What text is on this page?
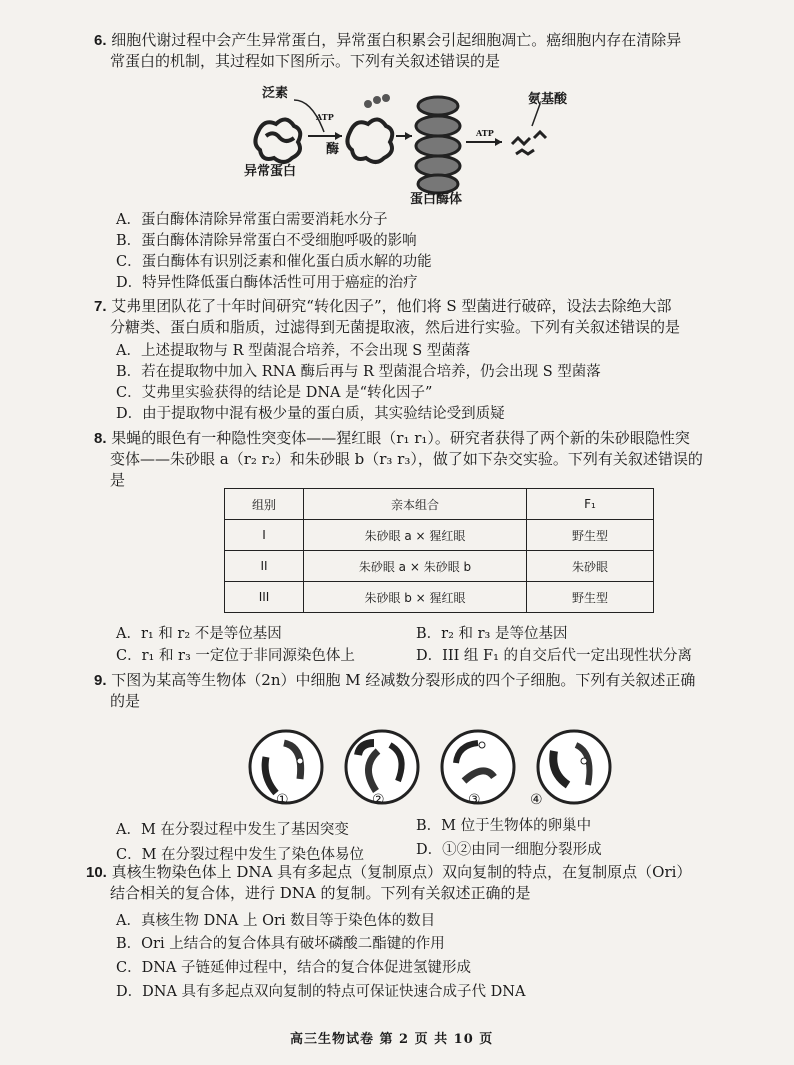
6. 细胞代谢过程中会产生异常蛋白，异常蛋白积累会引起细胞凋亡。癌细胞内存在清除异
常蛋白的机制，其过程如下图所示。下列有关叙述错误的是
泛素
ATP
酶
异常蛋白
蛋白酶体
ATP
氨基酸
A．蛋白酶体清除异常蛋白需要消耗水分子
B．蛋白酶体清除异常蛋白不受细胞呼吸的影响
C．蛋白酶体有识别泛素和催化蛋白质水解的功能
D．特异性降低蛋白酶体活性可用于癌症的治疗
7. 艾弗里团队花了十年时间研究“转化因子”，他们将 S 型菌进行破碎，设法去除绝大部
分糖类、蛋白质和脂质，过滤得到无菌提取液，然后进行实验。下列有关叙述错误的是
A．上述提取物与 R 型菌混合培养，不会出现 S 型菌落
B．若在提取物中加入 RNA 酶后再与 R 型菌混合培养，仍会出现 S 型菌落
C．艾弗里实验获得的结论是 DNA 是“转化因子”
D．由于提取物中混有极少量的蛋白质，其实验结论受到质疑
8. 果蝇的眼色有一种隐性突变体——猩红眼（r₁ r₁）。研究者获得了两个新的朱砂眼隐性突
变体——朱砂眼 a（r₂ r₂）和朱砂眼 b（r₃ r₃），做了如下杂交实验。下列有关叙述错误的
是
组别	亲本组合	F₁
I	朱砂眼 a × 猩红眼	野生型
II	朱砂眼 a × 朱砂眼 b	朱砂眼
III	朱砂眼 b × 猩红眼	野生型
A．r₁ 和 r₂ 不是等位基因	B．r₂ 和 r₃ 是等位基因
C．r₁ 和 r₃ 一定位于非同源染色体上	D．III 组 F₁ 的自交后代一定出现性状分离
9. 下图为某高等生物体（2n）中细胞 M 经减数分裂形成的四个子细胞。下列有关叙述正确
的是
①	②	③	④
A．M 在分裂过程中发生了基因突变	B．M 位于生物体的卵巢中
C．M 在分裂过程中发生了染色体易位	D．①②由同一细胞分裂形成
10. 真核生物染色体上 DNA 具有多起点（复制原点）双向复制的特点，在复制原点（Ori）
结合相关的复合体，进行 DNA 的复制。下列有关叙述正确的是
A．真核生物 DNA 上 Ori 数目等于染色体的数目
B．Ori 上结合的复合体具有破坏磷酸二酯键的作用
C．DNA 子链延伸过程中，结合的复合体促进氢键形成
D．DNA 具有多起点双向复制的特点可保证快速合成子代 DNA
高三生物试卷 第 2 页 共 10 页
